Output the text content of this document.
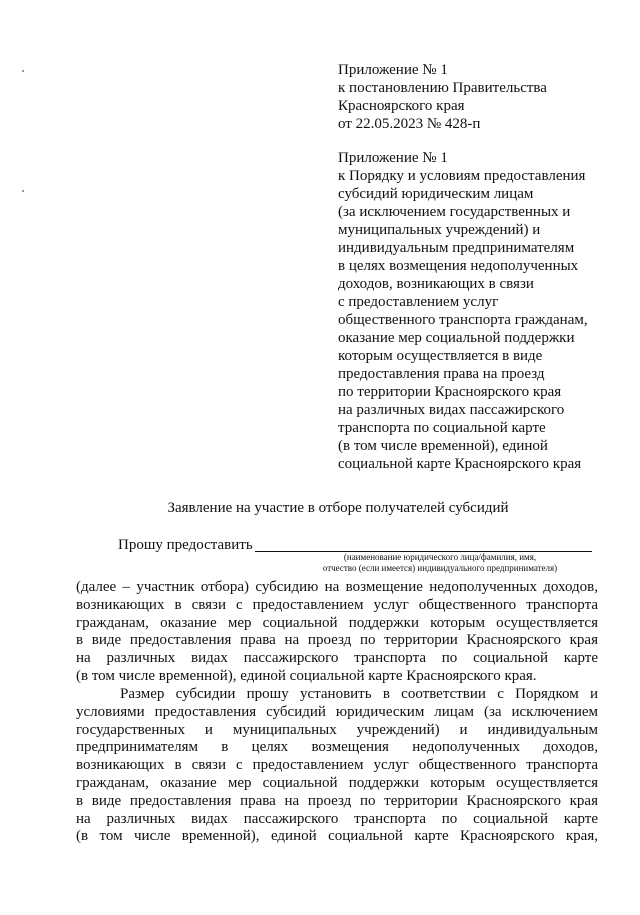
Приложение № 1
к постановлению Правительства
Красноярского края
от 22.05.2023 № 428-п
Приложение № 1
к Порядку и условиям предоставления
субсидий юридическим лицам
(за исключением государственных и
муниципальных учреждений) и
индивидуальным предпринимателям
в целях возмещения недополученных
доходов, возникающих в связи
с предоставлением услуг
общественного транспорта гражданам,
оказание мер социальной поддержки
которым осуществляется в виде
предоставления права на проезд
по территории Красноярского края
на различных видах пассажирского
транспорта по социальной карте
(в том числе временной), единой
социальной карте Красноярского края
Заявление на участие в отборе получателей субсидий
Прошу предоставить
(наименование юридического лица/фамилия, имя,
отчество (если имеется) индивидуального предпринимателя)
(далее – участник отбора) субсидию на возмещение недополученных доходов,
возникающих в связи с предоставлением услуг общественного транспорта
гражданам, оказание мер социальной поддержки которым осуществляется
в виде предоставления права на проезд по территории Красноярского края
на различных видах пассажирского транспорта по социальной карте
(в том числе временной), единой социальной карте Красноярского края.
Размер субсидии прошу установить в соответствии с Порядком и
условиями предоставления субсидий юридическим лицам (за исключением
государственных и муниципальных учреждений) и индивидуальным
предпринимателям в целях возмещения недополученных доходов,
возникающих в связи с предоставлением услуг общественного транспорта
гражданам, оказание мер социальной поддержки которым осуществляется
в виде предоставления права на проезд по территории Красноярского края
на различных видах пассажирского транспорта по социальной карте
(в том числе временной), единой социальной карте Красноярского края,
